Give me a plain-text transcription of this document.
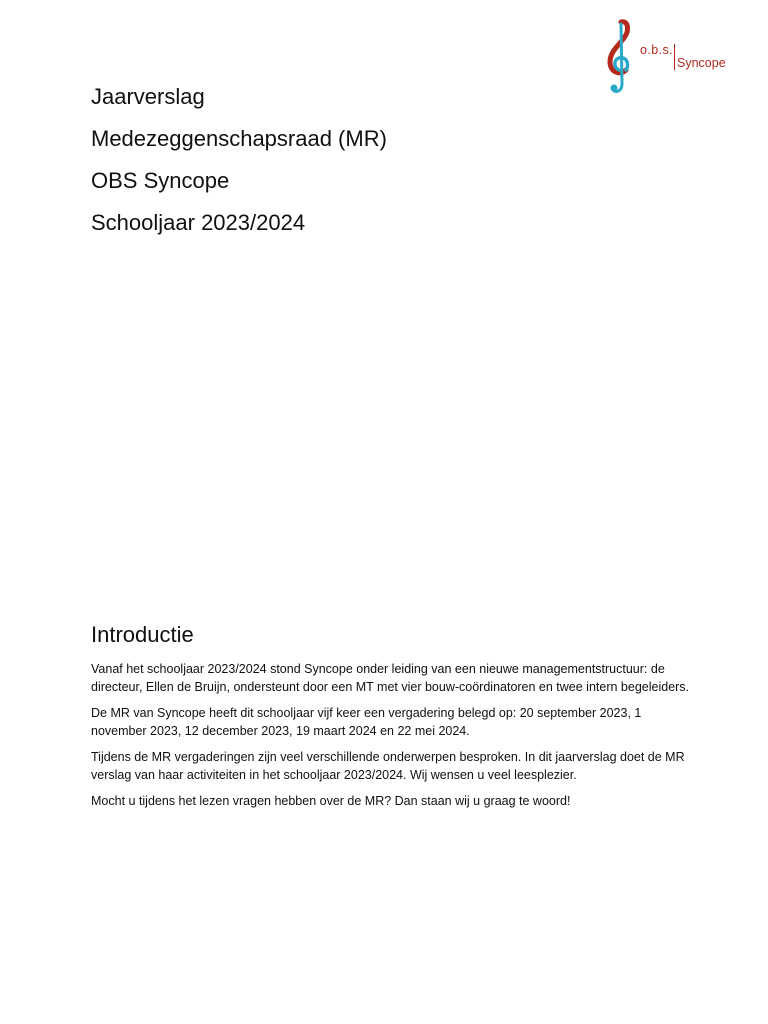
o.b.s.
Syncope
Jaarverslag
Medezeggenschapsraad (MR)
OBS Syncope
Schooljaar 2023/2024
Introductie

Vanaf het schooljaar 2023/2024 stond Syncope onder leiding van een nieuwe managementstructuur: de directeur, Ellen de Bruijn, ondersteunt door een MT met vier bouw-coördinatoren en twee intern begeleiders.

De MR van Syncope heeft dit schooljaar vijf keer een vergadering belegd op: 20 september 2023, 1 november 2023, 12 december 2023, 19 maart 2024 en 22 mei 2024.

Tijdens de MR vergaderingen zijn veel verschillende onderwerpen besproken. In dit jaarverslag doet de MR verslag van haar activiteiten in het schooljaar 2023/2024. Wij wensen u veel leesplezier.

Mocht u tijdens het lezen vragen hebben over de MR? Dan staan wij u graag te woord!
